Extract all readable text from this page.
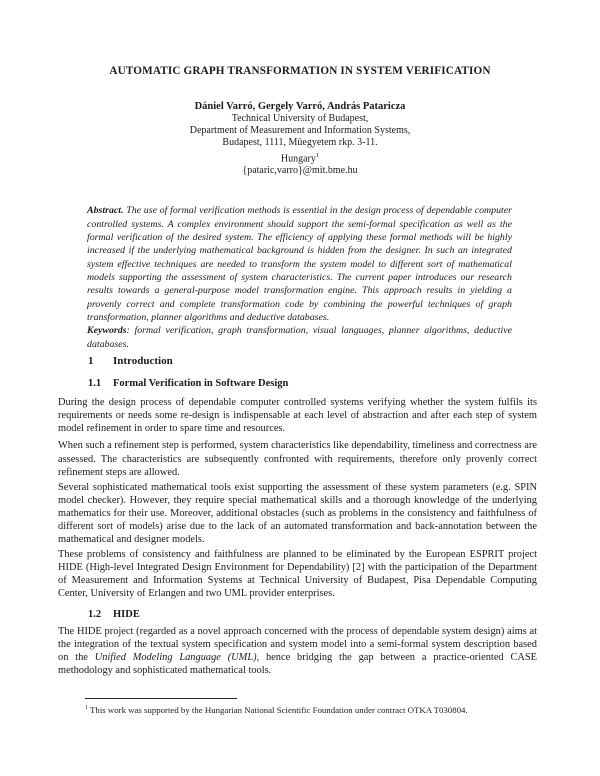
AUTOMATIC GRAPH TRANSFORMATION IN SYSTEM VERIFICATION
Dániel Varró, Gergely Varró, András Pataricza
Technical University of Budapest,
Department of Measurement and Information Systems,
Budapest, 1111, Mûegyetem rkp. 3-11.
Hungary$^1$
{pataric,varro}@mit.bme.hu
Abstract. The use of formal verification methods is essential in the design process of dependable computer controlled systems. A complex environment should support the semi-formal specification as well as the formal verification of the desired system. The efficiency of applying these formal methods will be highly increased if the underlying mathematical background is hidden from the designer. In such an integrated system effective techniques are needed to transform the system model to different sort of mathematical models supporting the assessment of system characteristics. The current paper introduces our research results towards a general-purpose model transformation engine. This approach results in yielding a provenly correct and complete transformation code by combining the powerful techniques of graph transformation, planner algorithms and deductive databases.
Keywords: formal verification, graph transformation, visual languages, planner algorithms, deductive databases.
1 Introduction
1.1 Formal Verification in Software Design
During the design process of dependable computer controlled systems verifying whether the system fulfils its requirements or needs some re-design is indispensable at each level of abstraction and after each step of system model refinement in order to spare time and resources.
When such a refinement step is performed, system characteristics like dependability, timeliness and correctness are assessed. The characteristics are subsequently confronted with requirements, therefore only provenly correct refinement steps are allowed.
Several sophisticated mathematical tools exist supporting the assessment of these system parameters (e.g. SPIN model checker). However, they require special mathematical skills and a thorough knowledge of the underlying mathematics for their use. Moreover, additional obstacles (such as problems in the consistency and faithfulness of different sort of models) arise due to the lack of an automated transformation and back-annotation between the mathematical and designer models.
These problems of consistency and faithfulness are planned to be eliminated by the European ESPRIT project HIDE (High-level Integrated Design Environment for Dependability) [2] with the participation of the Department of Measurement and Information Systems at Technical University of Budapest, Pisa Dependable Computing Center, University of Erlangen and two UML provider enterprises.
1.2 HIDE
The HIDE project (regarded as a novel approach concerned with the process of dependable system design) aims at the integration of the textual system specification and system model into a semi-formal system description based on the Unified Modeling Language (UML), hence bridging the gap between a practice-oriented CASE methodology and sophisticated mathematical tools.
$^1$ This work was supported by the Hungarian National Scientific Foundation under contract OTKA T030804.
